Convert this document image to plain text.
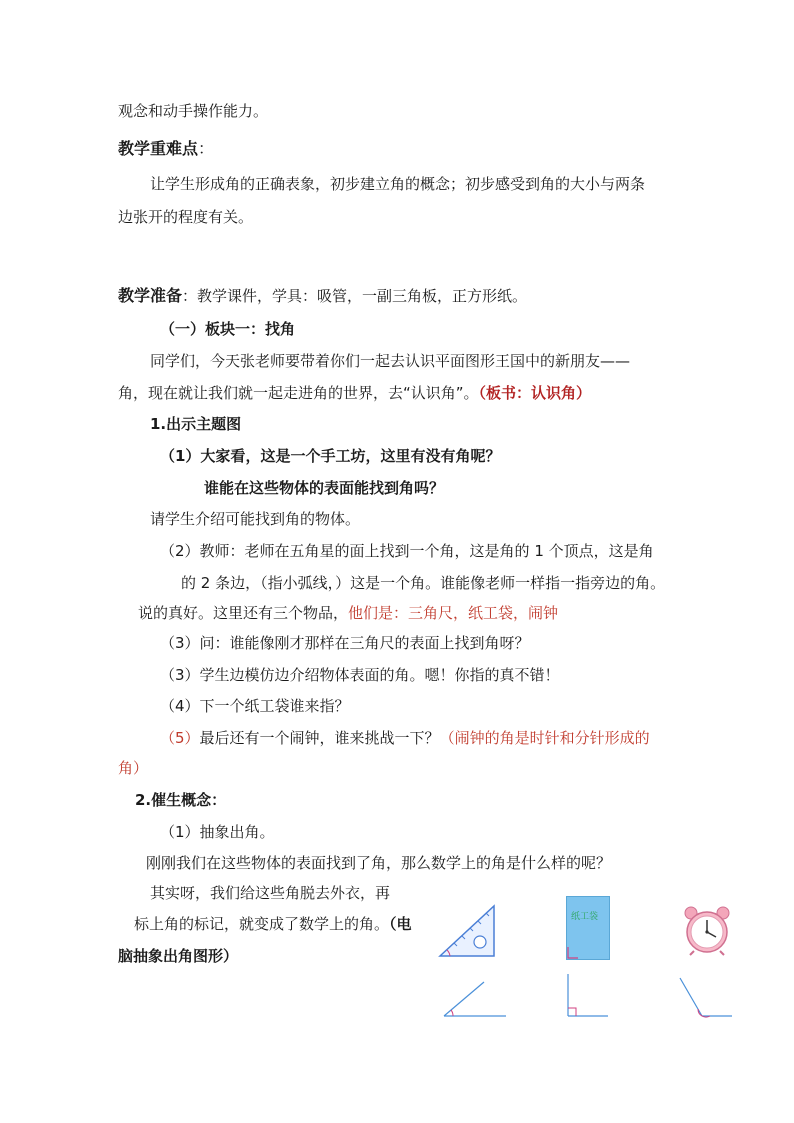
观念和动手操作能力。
教学重难点：
让学生形成角的正确表象，初步建立角的概念；初步感受到角的大小与两条
边张开的程度有关。
教学准备：教学课件，学具：吸管，一副三角板，正方形纸。
（一）板块一：找角
同学们，今天张老师要带着你们一起去认识平面图形王国中的新朋友——
角，现在就让我们就一起走进角的世界，去“认识角”。（板书：认识角）
1.出示主题图
（1）大家看，这是一个手工坊，这里有没有角呢？
谁能在这些物体的表面能找到角吗？
请学生介绍可能找到角的物体。
（2）教师：老师在五角星的面上找到一个角，这是角的 1 个顶点，这是角
的 2 条边，（指小弧线，）这是一个角。谁能像老师一样指一指旁边的角。
说的真好。这里还有三个物品，他们是：三角尺，纸工袋，闹钟
（3）问：谁能像刚才那样在三角尺的表面上找到角呀？
（3）学生边模仿边介绍物体表面的角。嗯！你指的真不错！
（4）下一个纸工袋谁来指？
（5）最后还有一个闹钟，谁来挑战一下？（闹钟的角是时针和分针形成的
角）
2.催生概念：
（1）抽象出角。
刚刚我们在这些物体的表面找到了角，那么数学上的角是什么样的呢？
其实呀，我们给这些角脱去外衣，再
标上角的标记，就变成了数学上的角。（电
脑抽象出角图形）
纸工袋
